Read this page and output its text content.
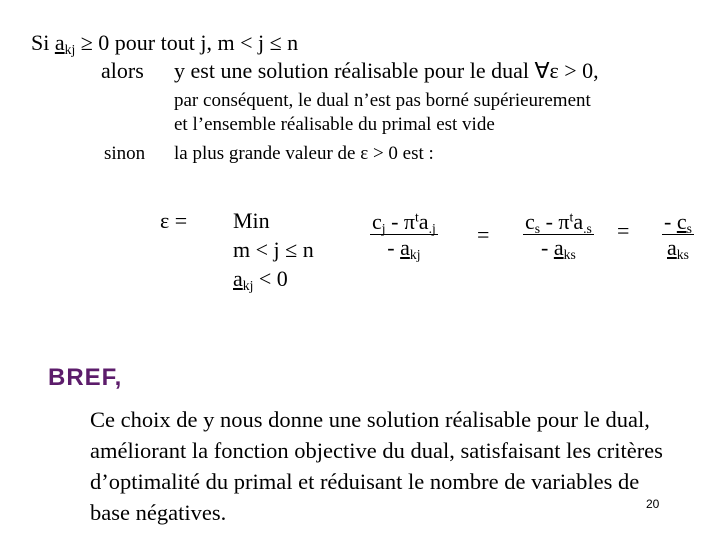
Si $a_{kj} \ge 0$ pour tout j, m < j ≤ n
alors y est une solution réalisable pour le dual ∀ε > 0,
par conséquent, le dual n’est pas borné supérieurement
et l’ensemble réalisable du primal est vide
sinon la plus grande valeur de ε > 0 est :
ε = Min
m < j ≤ n
$a_{kj} < 0$
$c_j - \pi^ta_{.j}$
- $a_{kj}$
=
$c_s - \pi^ta_{.s}$
- $a_{ks}$
= - $c_s$
$a_{ks}$
BREF,
Ce choix de y nous donne une solution réalisable pour le dual,
améliorant la fonction objective du dual, satisfaisant les critères
d’optimalité du primal et réduisant le nombre de variables de
base négatives.	20
